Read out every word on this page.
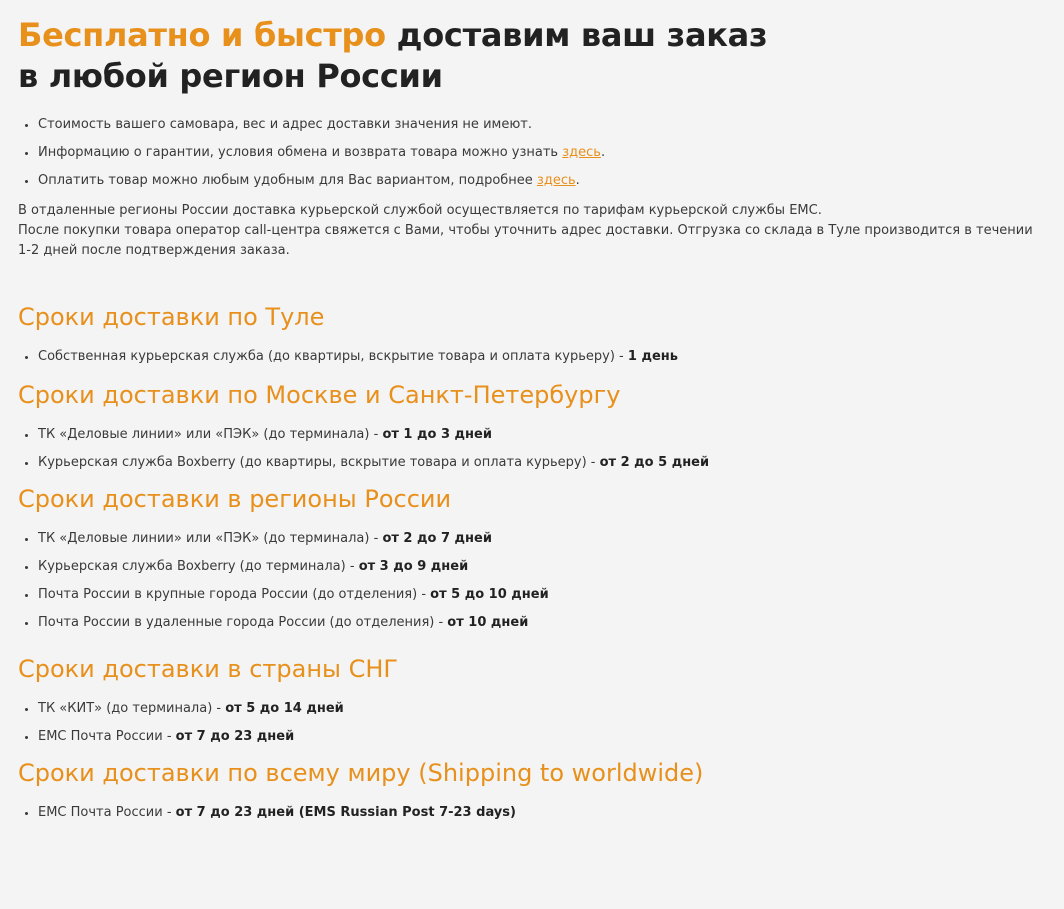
Бесплатно и быстро доставим ваш заказ
в любой регион России
• Стоимость вашего самовара, вес и адрес доставки значения не имеют.
• Информацию о гарантии, условия обмена и возврата товара можно узнать здесь.
• Оплатить товар можно любым удобным для Вас вариантом, подробнее здесь.

В отдаленные регионы России доставка курьерской службой осуществляется по тарифам курьерской службы ЕМС.

После покупки товара оператор call-центра свяжется с Вами, чтобы уточнить адрес доставки. Отгрузка со склада в Туле производится в течении 1-2 дней после подтверждения заказа.

Сроки доставки по Туле
• Собственная курьерская служба (до квартиры, вскрытие товара и оплата курьеру) - 1 день
Сроки доставки по Москве и Санкт-Петербургу
• ТК «Деловые линии» или «ПЭК» (до терминала) - от 1 до 3 дней
• Курьерская служба Boxberry (до квартиры, вскрытие товара и оплата курьеру) - от 2 до 5 дней
Сроки доставки в регионы России
• ТК «Деловые линии» или «ПЭК» (до терминала) - от 2 до 7 дней
• Курьерская служба Boxberry (до терминала) - от 3 до 9 дней
• Почта России в крупные города России (до отделения) - от 5 до 10 дней
• Почта России в удаленные города России (до отделения) - от 10 дней
Сроки доставки в страны СНГ
• ТК «КИТ» (до терминала) - от 5 до 14 дней
• ЕМС Почта России - от 7 до 23 дней
Сроки доставки по всему миру (Shipping to worldwide)
• ЕМС Почта России - от 7 до 23 дней (EMS Russian Post 7-23 days)
